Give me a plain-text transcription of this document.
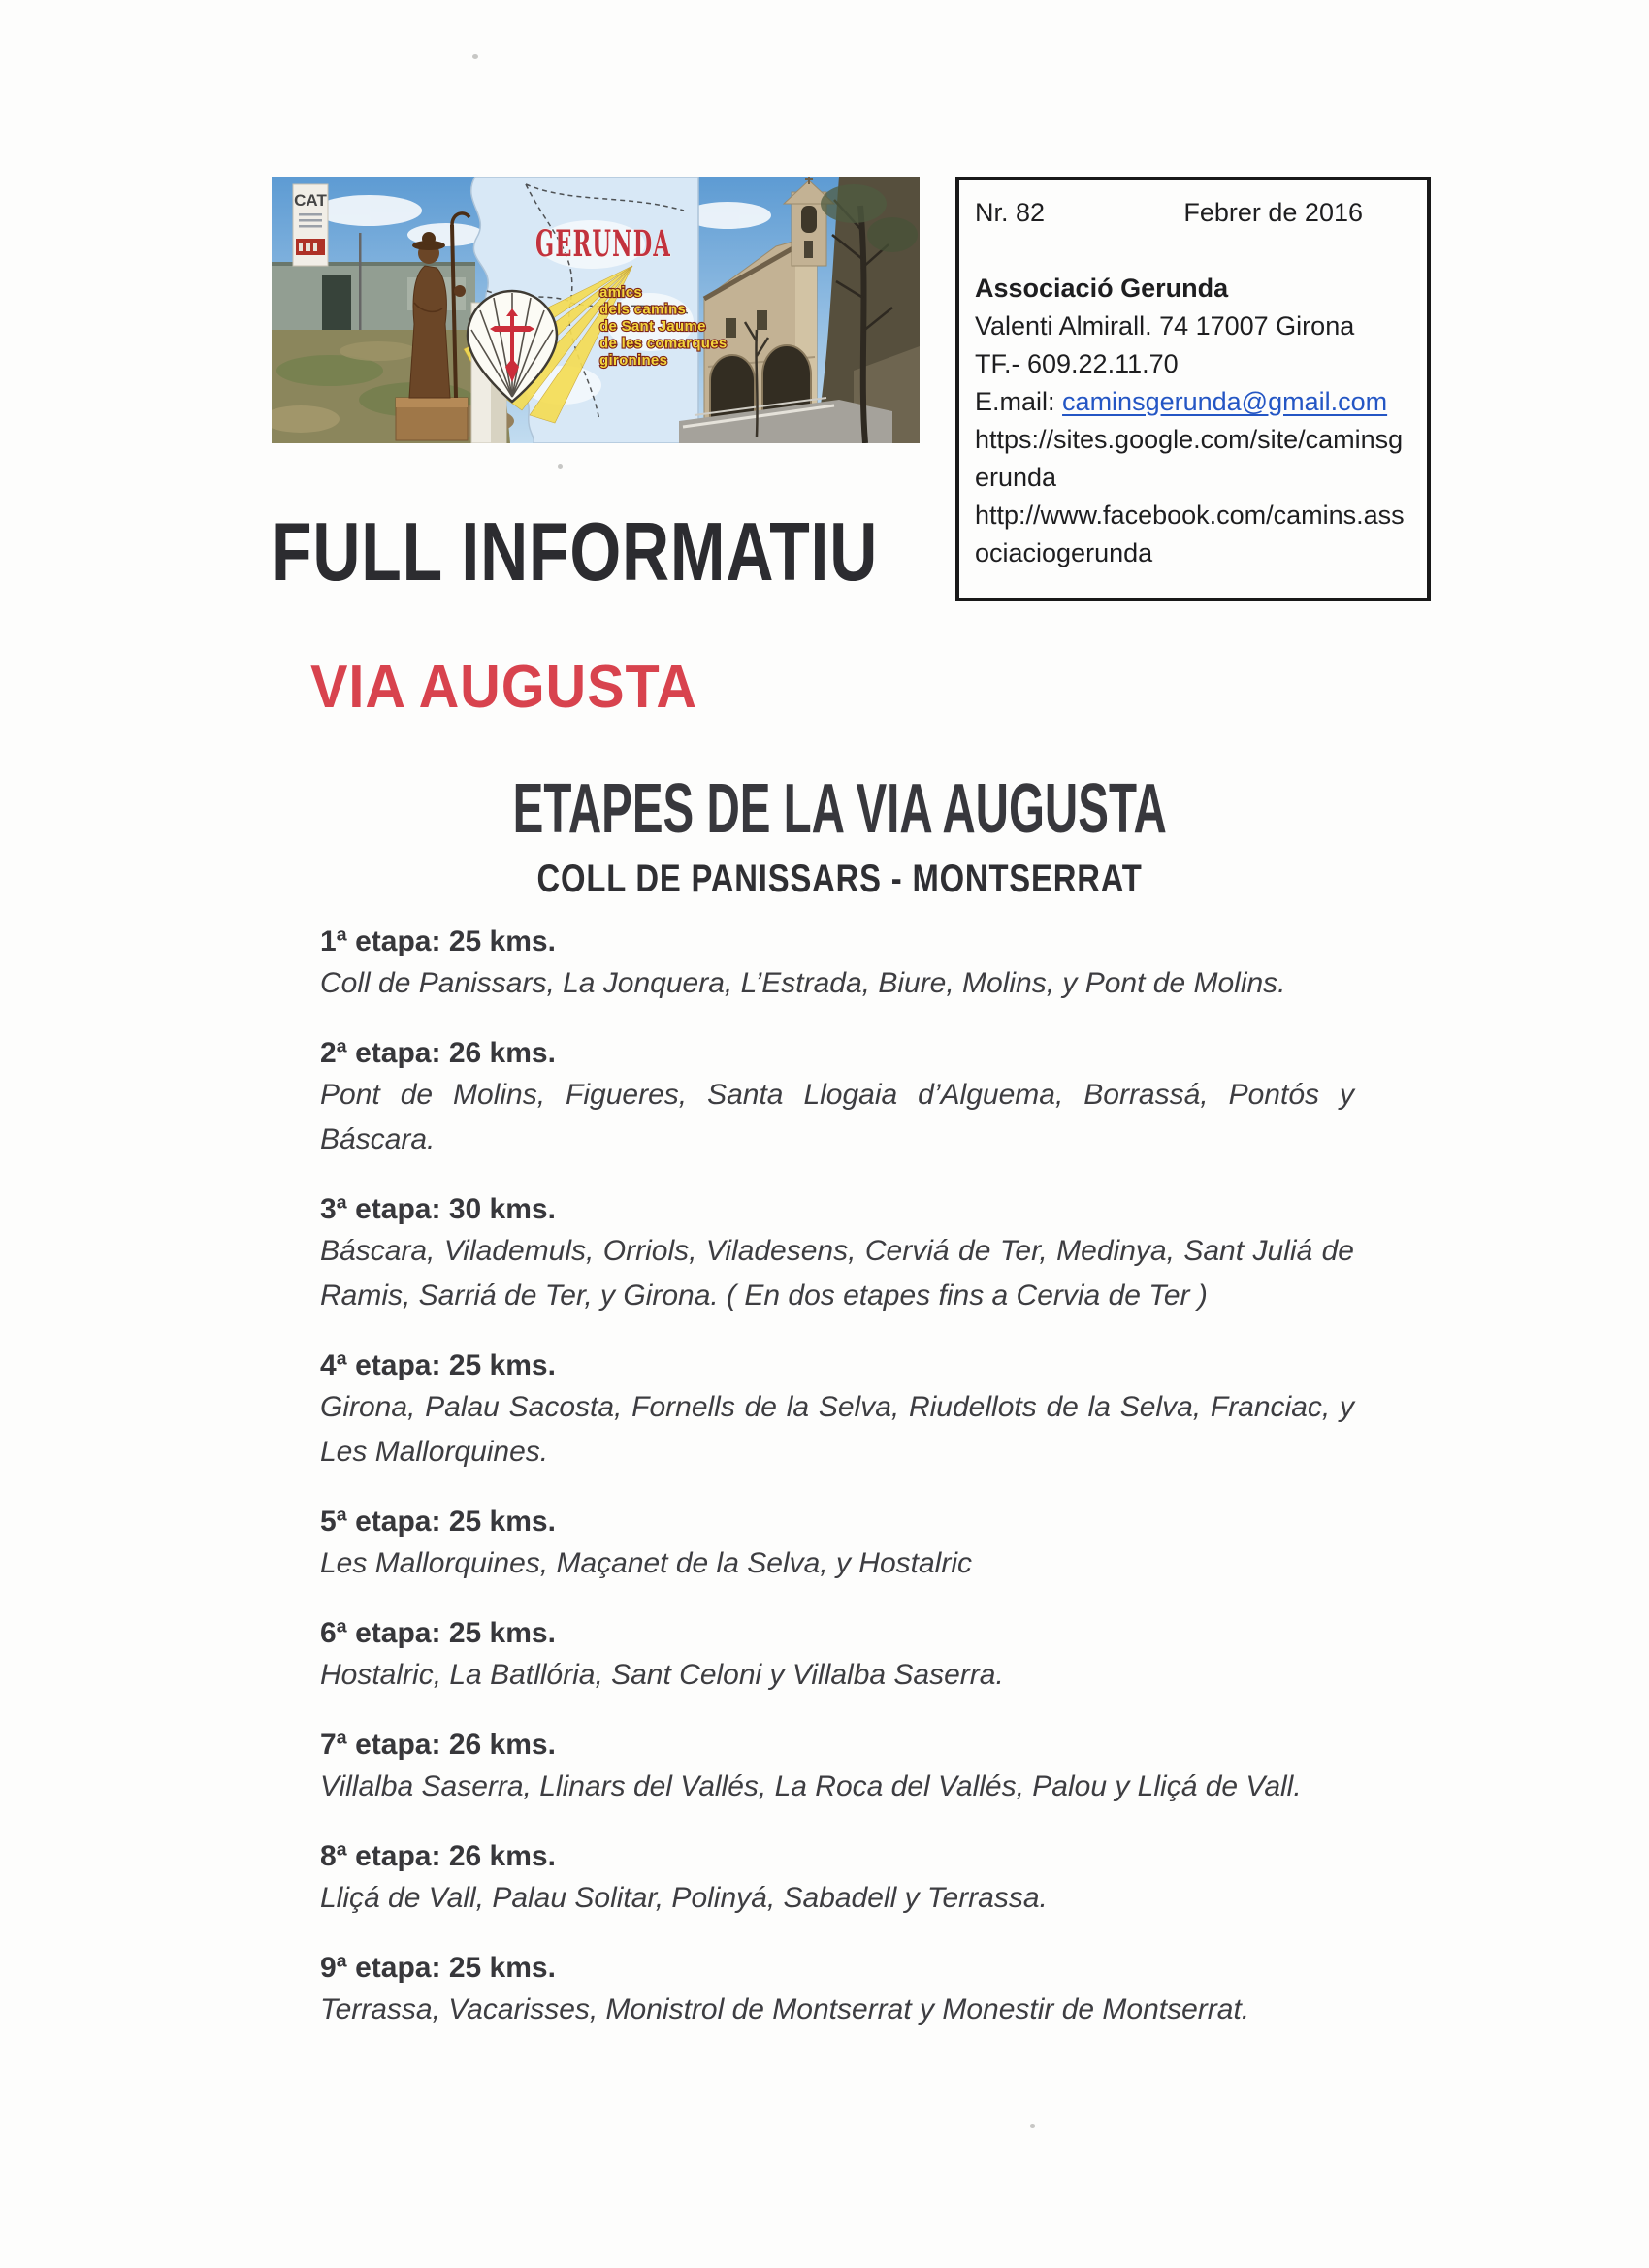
CAT
GERUNDA
amics
dels camins
de Sant Jaume
de les comarques
gironines
FULL INFORMATIU
Nr. 82	Febrer de 2016
Associació Gerunda
Valenti Almirall. 74 17007 Girona
TF.- 609.22.11.70
E.mail: caminsgerunda@gmail.com
https://sites.google.com/site/caminsgerunda
http://www.facebook.com/camins.associaciogerunda
VIA AUGUSTA
ETAPES DE LA VIA AUGUSTA
COLL DE PANISSARS - MONTSERRAT
1ª etapa: 25 kms.
Coll de Panissars, La Jonquera, L’Estrada, Biure, Molins, y Pont de Molins.
2ª etapa: 26 kms.
Pont de Molins, Figueres, Santa Llogaia d’Alguema, Borrassá, Pontós y Báscara.
3ª etapa: 30 kms.
Báscara, Vilademuls, Orriols, Viladesens, Cerviá de Ter, Medinya, Sant Juliá de Ramis, Sarriá de Ter, y Girona. ( En dos etapes fins a Cervia de Ter )
4ª etapa: 25 kms.
Girona, Palau Sacosta, Fornells de la Selva, Riudellots de la Selva, Franciac, y Les Mallorquines.
5ª etapa: 25 kms.
Les Mallorquines, Maçanet de la Selva, y Hostalric
6ª etapa: 25 kms.
Hostalric, La Batllória, Sant Celoni y Villalba Saserra.
7ª etapa: 26 kms.
Villalba Saserra, Llinars del Vallés, La Roca del Vallés, Palou y Lliçá de Vall.
8ª etapa: 26 kms.
Lliçá de Vall, Palau Solitar, Polinyá, Sabadell y Terrassa.
9ª etapa: 25 kms.
Terrassa, Vacarisses, Monistrol de Montserrat y Monestir de Montserrat.
